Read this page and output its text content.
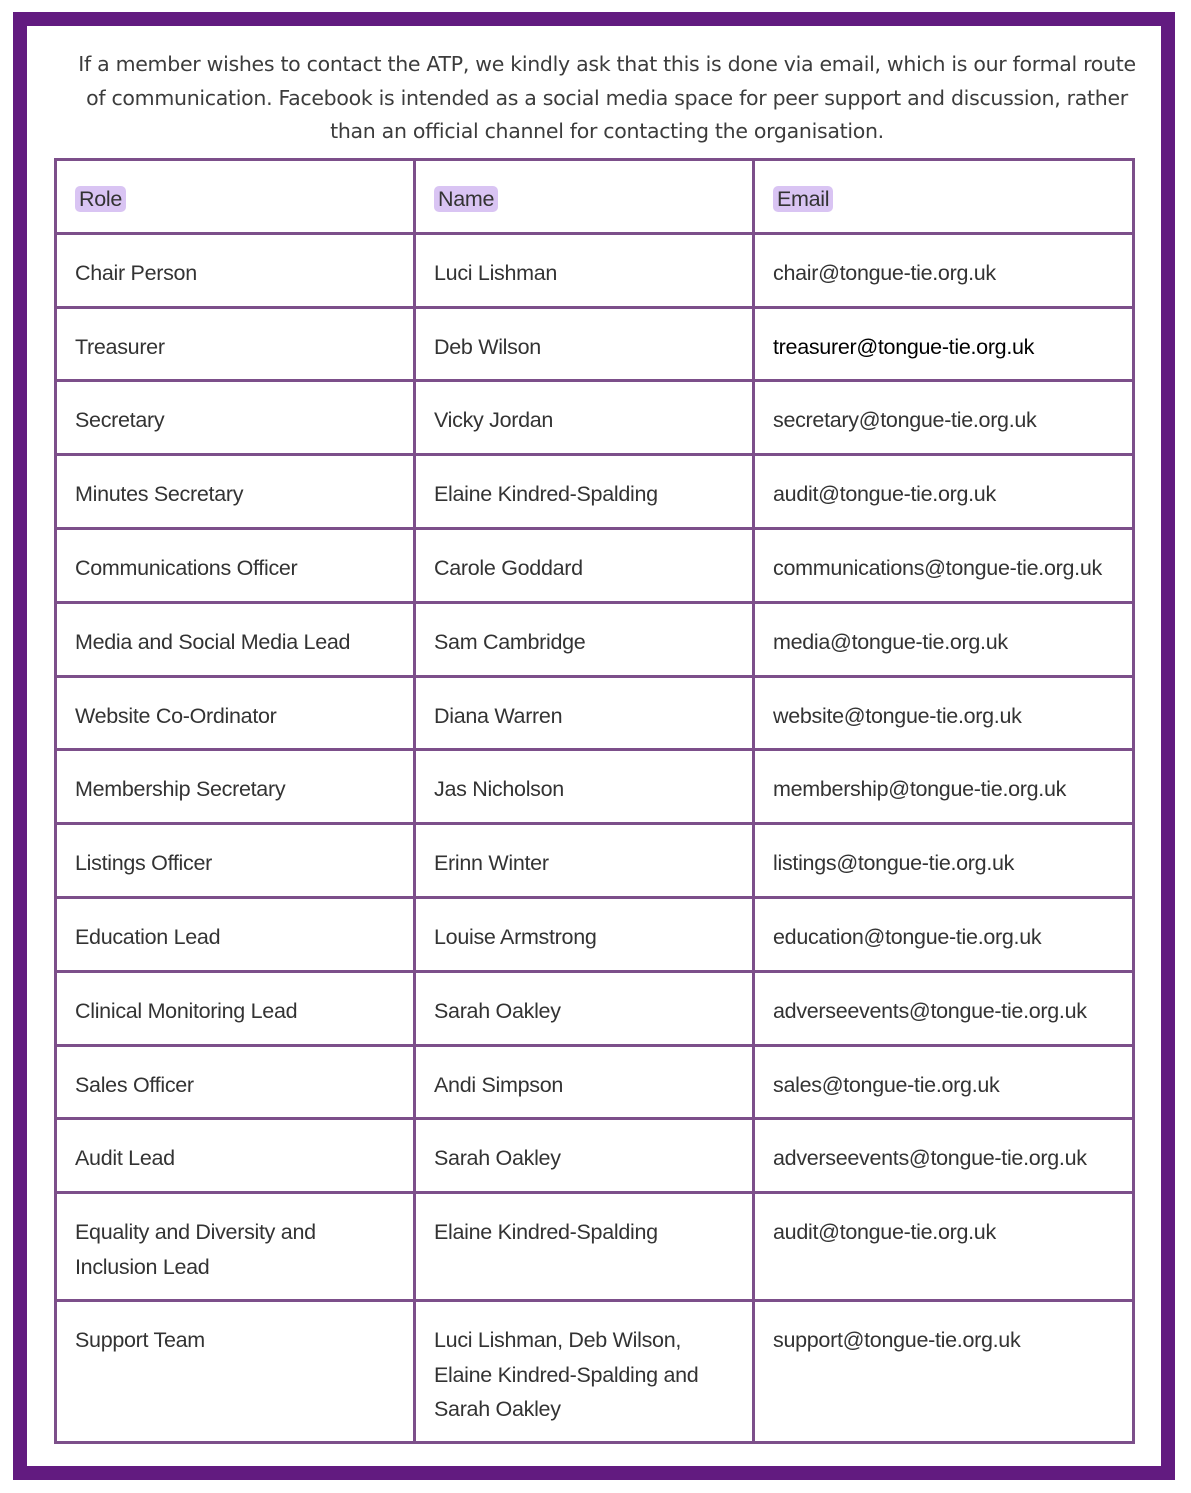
If a member wishes to contact the ATP, we kindly ask that this is done via email, which is our formal route of communication. Facebook is intended as a social media space for peer support and discussion, rather than an official channel for contacting the organisation.

Role	Name	Email
Chair Person	Luci Lishman	chair@tongue-tie.org.uk
Treasurer	Deb Wilson	treasurer@tongue-tie.org.uk
Secretary	Vicky Jordan	secretary@tongue-tie.org.uk
Minutes Secretary	Elaine Kindred-Spalding	audit@tongue-tie.org.uk
Communications Officer	Carole Goddard	communications@tongue-tie.org.uk
Media and Social Media Lead	Sam Cambridge	media@tongue-tie.org.uk
Website Co-Ordinator	Diana Warren	website@tongue-tie.org.uk
Membership Secretary	Jas Nicholson	membership@tongue-tie.org.uk
Listings Officer	Erinn Winter	listings@tongue-tie.org.uk
Education Lead	Louise Armstrong	education@tongue-tie.org.uk
Clinical Monitoring Lead	Sarah Oakley	adverseevents@tongue-tie.org.uk
Sales Officer	Andi Simpson	sales@tongue-tie.org.uk
Audit Lead	Sarah Oakley	adverseevents@tongue-tie.org.uk
Equality and Diversity and Inclusion Lead	Elaine Kindred-Spalding	audit@tongue-tie.org.uk
Support Team	Luci Lishman, Deb Wilson, Elaine Kindred-Spalding and Sarah Oakley	support@tongue-tie.org.uk
